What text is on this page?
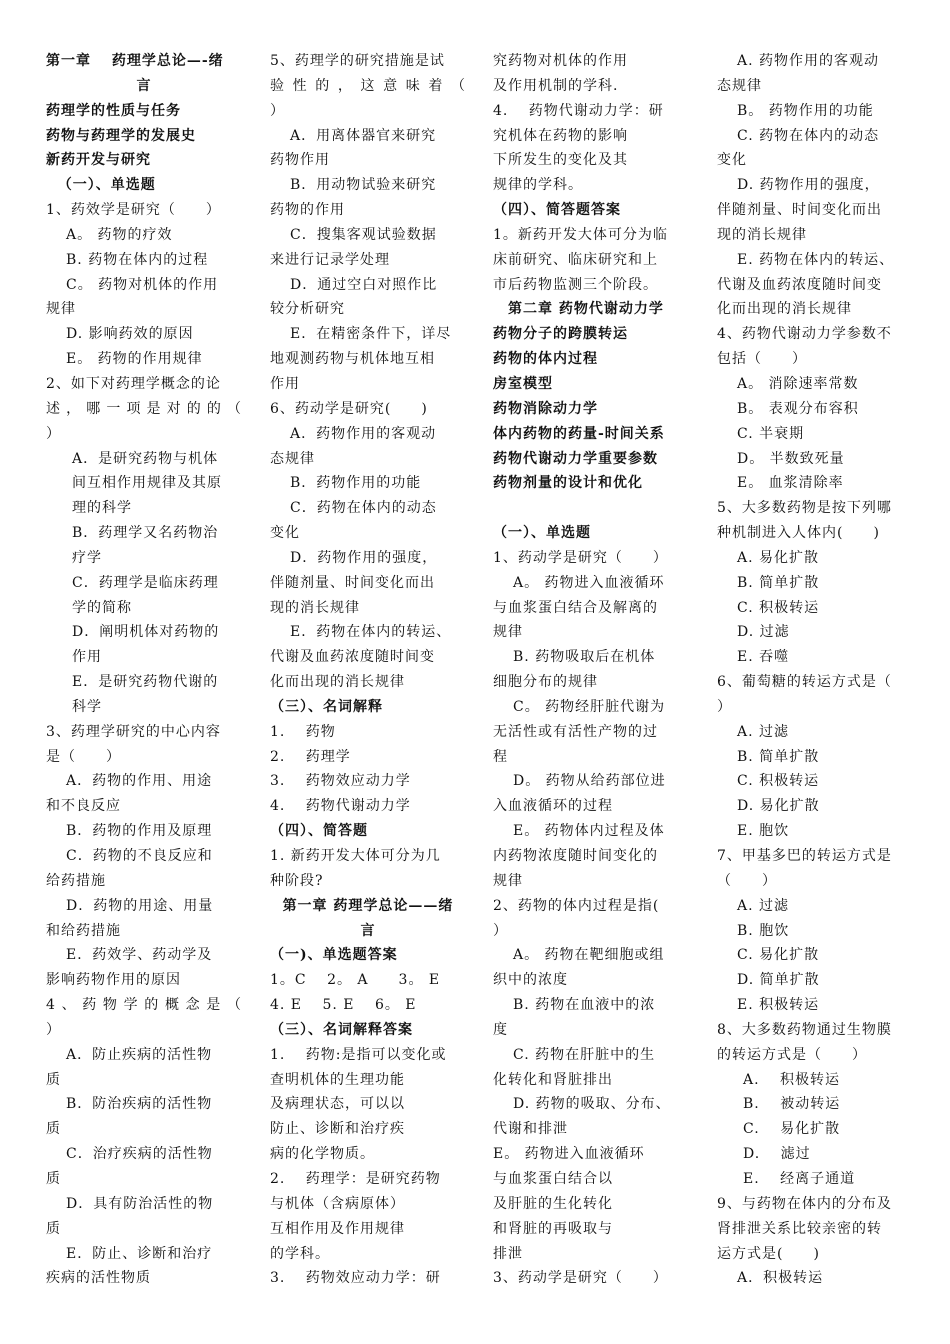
第一章　 药理学总论—-绪
言
药理学的性质与任务
药物与药理学的发展史
新药开发与研究
（一）、单选题
1、药效学是研究（　　）
A。 药物的疗效
B. 药物在体内的过程
C。 药物对机体的作用
规律
D. 影响药效的原因
E。 药物的作用规律
2、如下对药理学概念的论
述，哪一项是对的的（
）
A．是研究药物与机体
间互相作用规律及其原
理的科学
B．药理学又名药物治
疗学
C．药理学是临床药理
学的简称
D．阐明机体对药物的
作用
E．是研究药物代谢的
科学
3、药理学研究的中心内容
是（　　）
A．药物的作用、用途
和不良反应
B．药物的作用及原理
C．药物的不良反应和
给药措施
D．药物的用途、用量
和给药措施
E．药效学、药动学及
影响药物作用的原因
4、药物学的概念是（
）
A．防止疾病的活性物
质
B．防治疾病的活性物
质
C．治疗疾病的活性物
质
D．具有防治活性的物
质
E．防止、诊断和治疗
疾病的活性物质
5、药理学的研究措施是试
验性的，这意味着（
）
A．用离体器官来研究
药物作用
B．用动物试验来研究
药物的作用
C．搜集客观试验数据
来进行记录学处理
D．通过空白对照作比
较分析研究
E．在精密条件下，详尽
地观测药物与机体地互相
作用
6、药动学是研究(　　)
A．药物作用的客观动
态规律
B．药物作用的功能
C．药物在体内的动态
变化
D．药物作用的强度，
伴随剂量、时间变化而出
现的消长规律
E．药物在体内的转运、
代谢及血药浓度随时间变
化而出现的消长规律
（三）、名词解释
1.　 药物
2.　 药理学
3.　 药物效应动力学
4.　 药物代谢动力学
（四）、简答题
1. 新药开发大体可分为几
种阶段?
第一章 药理学总论——绪
言
（一)、单选题答案
1。C　 2。 A　　3。 E
4. E　 5. E　 6。 E
（三）、名词解释答案
1.　 药物:是指可以变化或
查明机体的生理功能
及病理状态，可以以
防止、诊断和治疗疾
病的化学物质。
2.　 药理学：是研究药物
与机体（含病原体）
互相作用及作用规律
的学科。
3.　 药物效应动力学：研
究药物对机体的作用
及作用机制的学科.
4.　 药物代谢动力学：研
究机体在药物的影响
下所发生的变化及其
规律的学科。
（四）、简答题答案
1。新药开发大体可分为临
床前研究、临床研究和上
市后药物监测三个阶段。
　第二章 药物代谢动力学
药物分子的跨膜转运
药物的体内过程
房室模型
药物消除动力学
体内药物的药量-时间关系
药物代谢动力学重要参数
药物剂量的设计和优化

（一）、单选题
1、药动学是研究（　　）
A。 药物进入血液循环
与血浆蛋白结合及解离的
规律
B. 药物吸取后在机体
细胞分布的规律
C。 药物经肝脏代谢为
无活性或有活性产物的过
程
D。 药物从给药部位进
入血液循环的过程
E。 药物体内过程及体
内药物浓度随时间变化的
规律
2、药物的体内过程是指(
）
A。 药物在靶细胞或组
织中的浓度
B. 药物在血液中的浓
度
C. 药物在肝脏中的生
化转化和肾脏排出
D. 药物的吸取、分布、
代谢和排泄
E。 药物进入血液循环
与血浆蛋白结合以
及肝脏的生化转化
和肾脏的再吸取与
排泄
3、药动学是研究（　　）
A. 药物作用的客观动
态规律
B。 药物作用的功能
C. 药物在体内的动态
变化
D. 药物作用的强度，
伴随剂量、时间变化而出
现的消长规律
E. 药物在体内的转运、
代谢及血药浓度随时间变
化而出现的消长规律
4、药物代谢动力学参数不
包括（　　）
A。 消除速率常数
B。 表观分布容积
C. 半衰期
D。 半数致死量
E。 血浆清除率
5、大多数药物是按下列哪
种机制进入人体内(　　)
A. 易化扩散
B. 简单扩散
C. 积极转运
D. 过滤
E. 吞噬
6、葡萄糖的转运方式是（
）
A. 过滤
B. 简单扩散
C. 积极转运
D. 易化扩散
E. 胞饮
7、甲基多巴的转运方式是
（　　）
A. 过滤
B. 胞饮
C. 易化扩散
D. 简单扩散
E. 积极转运
8、大多数药物通过生物膜
的转运方式是（　　）
A.　 积极转运
B.　 被动转运
C.　 易化扩散
D.　 滤过
E.　 经离子通道
9、与药物在体内的分布及
肾排泄关系比较亲密的转
运方式是(　　)
A．积极转运
